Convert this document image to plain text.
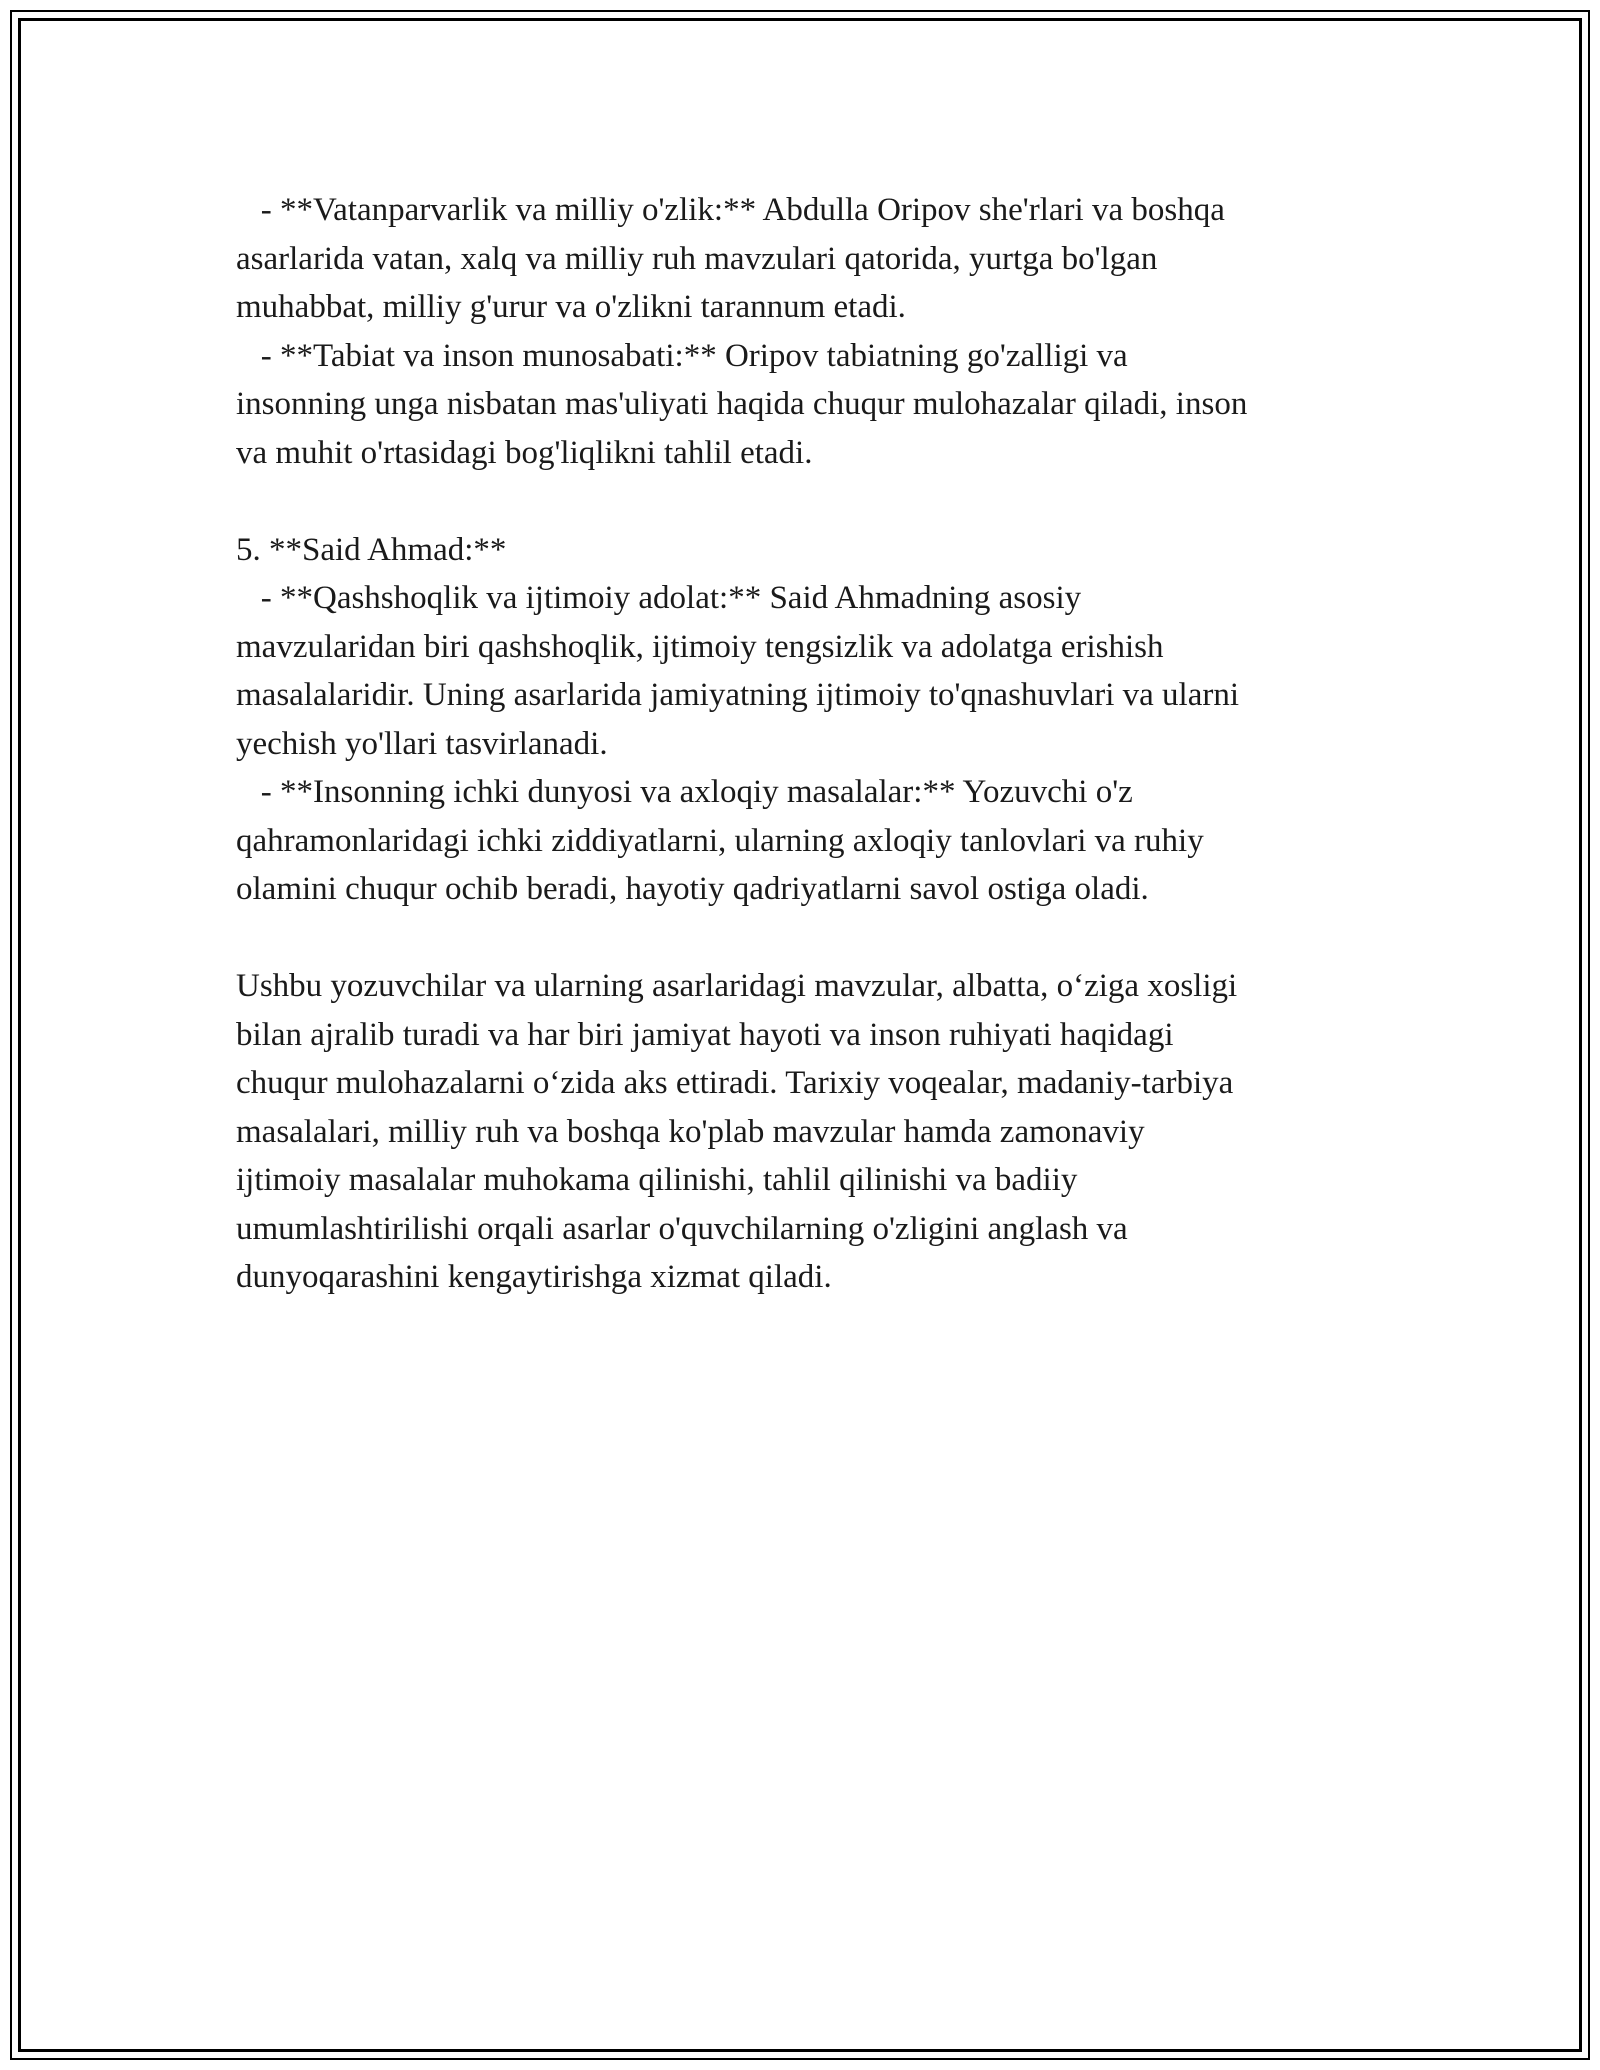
- **Vatanparvarlik va milliy o'zlik:** Abdulla Oripov she'rlari va boshqa
asarlarida vatan, xalq va milliy ruh mavzulari qatorida, yurtga bo'lgan
muhabbat, milliy g'urur va o'zlikni tarannum etadi.
- **Tabiat va inson munosabati:** Oripov tabiatning go'zalligi va
insonning unga nisbatan mas'uliyati haqida chuqur mulohazalar qiladi, inson
va muhit o'rtasidagi bog'liqlikni tahlil etadi.
5. **Said Ahmad:**
- **Qashshoqlik va ijtimoiy adolat:** Said Ahmadning asosiy
mavzularidan biri qashshoqlik, ijtimoiy tengsizlik va adolatga erishish
masalalaridir. Uning asarlarida jamiyatning ijtimoiy to'qnashuvlari va ularni
yechish yo'llari tasvirlanadi.
- **Insonning ichki dunyosi va axloqiy masalalar:** Yozuvchi o'z
qahramonlaridagi ichki ziddiyatlarni, ularning axloqiy tanlovlari va ruhiy
olamini chuqur ochib beradi, hayotiy qadriyatlarni savol ostiga oladi.
Ushbu yozuvchilar va ularning asarlaridagi mavzular, albatta, o‘ziga xosligi
bilan ajralib turadi va har biri jamiyat hayoti va inson ruhiyati haqidagi
chuqur mulohazalarni o‘zida aks ettiradi. Tarixiy voqealar, madaniy-tarbiya
masalalari, milliy ruh va boshqa ko'plab mavzular hamda zamonaviy
ijtimoiy masalalar muhokama qilinishi, tahlil qilinishi va badiiy
umumlashtirilishi orqali asarlar o'quvchilarning o'zligini anglash va
dunyoqarashini kengaytirishga xizmat qiladi.
